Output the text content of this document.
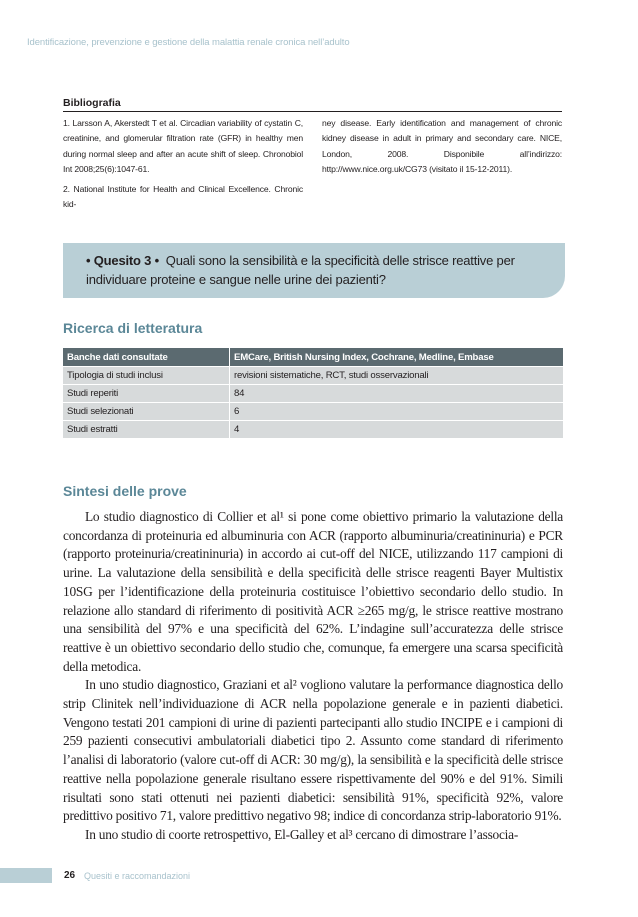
Identificazione, prevenzione e gestione della malattia renale cronica nell’adulto
Bibliografia

1. Larsson A, Akerstedt T et al. Circadian variability of cystatin C, creatinine, and glomerular filtration rate (GFR) in healthy men during normal sleep and after an acute shift of sleep. Chronobiol Int 2008;25(6):1047-61.

2. National Institute for Health and Clinical Excellence. Chronic kid-

ney disease. Early identification and management of chronic kidney disease in adult in primary and secondary care. NICE, London, 2008. Disponibile all’indirizzo: http://www.nice.org.uk/CG73 (visitato il 15-12-2011).

• Quesito 3 • Quali sono la sensibilità e la specificità delle strisce reattive per individuare proteine e sangue nelle urine dei pazienti?
Ricerca di letteratura
Banche dati consultate	EMCare, British Nursing Index, Cochrane, Medline, Embase
Tipologia di studi inclusi	revisioni sistematiche, RCT, studi osservazionali
Studi reperiti	84
Studi selezionati	6
Studi estratti	4
Sintesi delle prove

Lo studio diagnostico di Collier et al¹ si pone come obiettivo primario la valutazione della concordanza di proteinuria ed albuminuria con ACR (rapporto albuminuria/creatininuria) e PCR (rapporto proteinuria/creatininuria) in accordo ai cut-off del NICE, utilizzando 117 campioni di urine. La valutazione della sensibilità e della specificità delle strisce reagenti Bayer Multistix 10SG per l’identificazione della proteinuria costituisce l’obiettivo secondario dello studio. In relazione allo standard di riferimento di positività ACR ≥265 mg/g, le strisce reattive mostrano una sensibilità del 97% e una specificità del 62%. L’indagine sull’accuratezza delle strisce reattive è un obiettivo secondario dello studio che, comunque, fa emergere una scarsa specificità della metodica.

In uno studio diagnostico, Graziani et al² vogliono valutare la performance diagnostica dello strip Clinitek nell’individuazione di ACR nella popolazione generale e in pazienti diabetici. Vengono testati 201 campioni di urine di pazienti partecipanti allo studio INCIPE e i campioni di 259 pazienti consecutivi ambulatoriali diabetici tipo 2. Assunto come standard di riferimento l’analisi di laboratorio (valore cut-off di ACR: 30 mg/g), la sensibilità e la specificità delle strisce reattive nella popolazione generale risultano essere rispettivamente del 90% e del 91%. Simili risultati sono stati ottenuti nei pazienti diabetici: sensibilità 91%, specificità 92%, valore predittivo positivo 71, valore predittivo negativo 98; indice di concordanza strip-laboratorio 91%.

In uno studio di coorte retrospettivo, El-Galley et al³ cercano di dimostrare l’associa-

26 Quesiti e raccomandazioni
